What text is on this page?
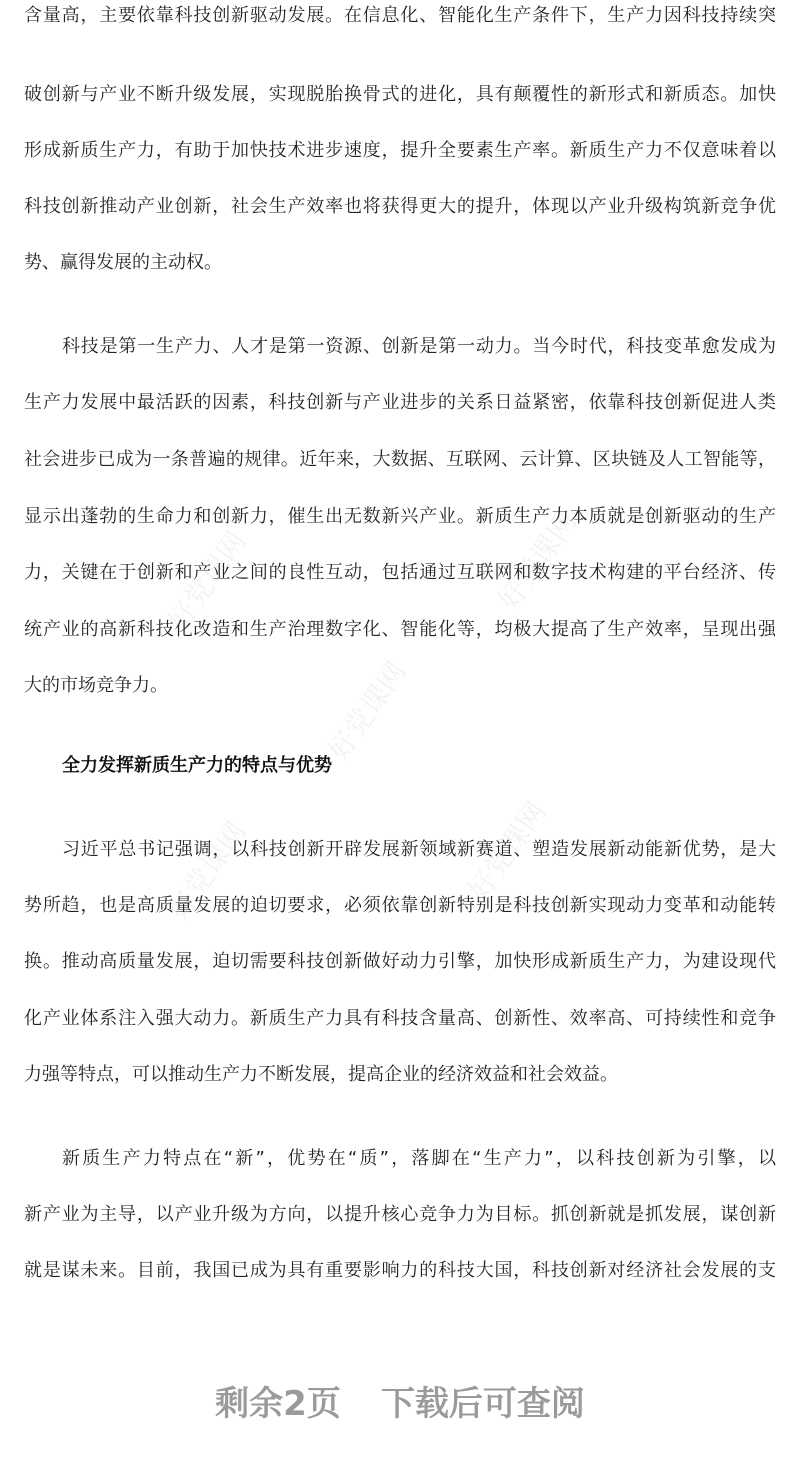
好党课网	好党课网
好党课网
好党课网	好党课网
含量高，主要依靠科技创新驱动发展。在信息化、智能化生产条件下，生产力因科技持续突
破创新与产业不断升级发展，实现脱胎换骨式的进化，具有颠覆性的新形式和新质态。加快
形成新质生产力，有助于加快技术进步速度，提升全要素生产率。新质生产力不仅意味着以
科技创新推动产业创新，社会生产效率也将获得更大的提升，体现以产业升级构筑新竞争优
势、赢得发展的主动权。
科技是第一生产力、人才是第一资源、创新是第一动力。当今时代，科技变革愈发成为
生产力发展中最活跃的因素，科技创新与产业进步的关系日益紧密，依靠科技创新促进人类
社会进步已成为一条普遍的规律。近年来，大数据、互联网、云计算、区块链及人工智能等，
显示出蓬勃的生命力和创新力，催生出无数新兴产业。新质生产力本质就是创新驱动的生产
力，关键在于创新和产业之间的良性互动，包括通过互联网和数字技术构建的平台经济、传
统产业的高新科技化改造和生产治理数字化、智能化等，均极大提高了生产效率，呈现出强
大的市场竞争力。
全力发挥新质生产力的特点与优势
习近平总书记强调，以科技创新开辟发展新领域新赛道、塑造发展新动能新优势，是大
势所趋，也是高质量发展的迫切要求，必须依靠创新特别是科技创新实现动力变革和动能转
换。推动高质量发展，迫切需要科技创新做好动力引擎，加快形成新质生产力，为建设现代
化产业体系注入强大动力。新质生产力具有科技含量高、创新性、效率高、可持续性和竞争
力强等特点，可以推动生产力不断发展，提高企业的经济效益和社会效益。
新质生产力特点在“新”，优势在“质”，落脚在“生产力”，以科技创新为引擎，以
新产业为主导，以产业升级为方向，以提升核心竞争力为目标。抓创新就是抓发展，谋创新
就是谋未来。目前，我国已成为具有重要影响力的科技大国，科技创新对经济社会发展的支
剩余2页 下载后可查阅
